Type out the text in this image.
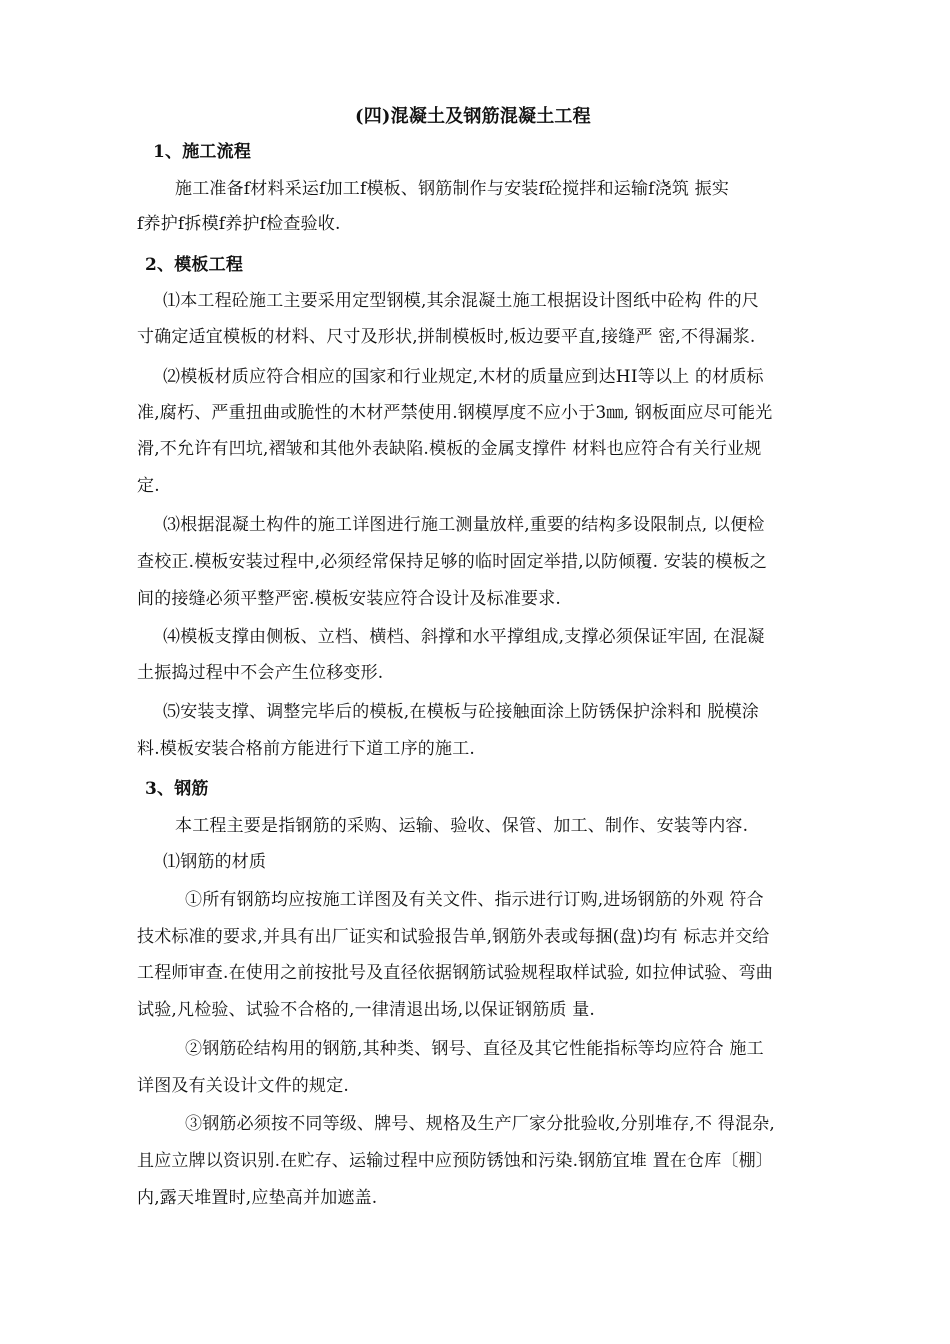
(四)混凝土及钢筋混凝土工程

1、施工流程

施工准备f材料采运f加工f模板、钢筋制作与安装f砼搅拌和运输f浇筑 振实

f养护f拆模f养护f检查验收.

2、模板工程

⑴本工程砼施工主要采用定型钢模,其余混凝土施工根据设计图纸中砼构 件的尺

寸确定适宜模板的材料、尺寸及形状,拼制模板时,板边要平直,接缝严 密,不得漏浆.

⑵模板材质应符合相应的国家和行业规定,木材的质量应到达HI等以上 的材质标

准,腐朽、严重扭曲或脆性的木材严禁使用.钢模厚度不应小于3㎜, 钢板面应尽可能光

滑,不允许有凹坑,褶皱和其他外表缺陷.模板的金属支撑件 材料也应符合有关行业规

定.

⑶根据混凝土构件的施工详图进行施工测量放样,重要的结构多设限制点, 以便检

查校正.模板安装过程中,必须经常保持足够的临时固定举措,以防倾覆. 安装的模板之

间的接缝必须平整严密.模板安装应符合设计及标准要求.

⑷模板支撑由侧板、立档、横档、斜撑和水平撑组成,支撑必须保证牢固, 在混凝

土振捣过程中不会产生位移变形.

⑸安装支撑、调整完毕后的模板,在模板与砼接触面涂上防锈保护涂料和 脱模涂

料.模板安装合格前方能进行下道工序的施工.

3、钢筋

本工程主要是指钢筋的采购、运输、验收、保管、加工、制作、安装等内容.

⑴钢筋的材质

①所有钢筋均应按施工详图及有关文件、指示进行订购,进场钢筋的外观 符合

技术标准的要求,并具有出厂证实和试验报告单,钢筋外表或每捆(盘)均有 标志并交给

工程师审查.在使用之前按批号及直径依据钢筋试验规程取样试验, 如拉伸试验、弯曲

试验,凡检验、试验不合格的,一律清退出场,以保证钢筋质 量.

②钢筋砼结构用的钢筋,其种类、钢号、直径及其它性能指标等均应符合 施工

详图及有关设计文件的规定.

③钢筋必须按不同等级、牌号、规格及生产厂家分批验收,分别堆存,不 得混杂,

且应立牌以资识别.在贮存、运输过程中应预防锈蚀和污染.钢筋宜堆 置在仓库〔棚〕

内,露天堆置时,应垫高并加遮盖.
